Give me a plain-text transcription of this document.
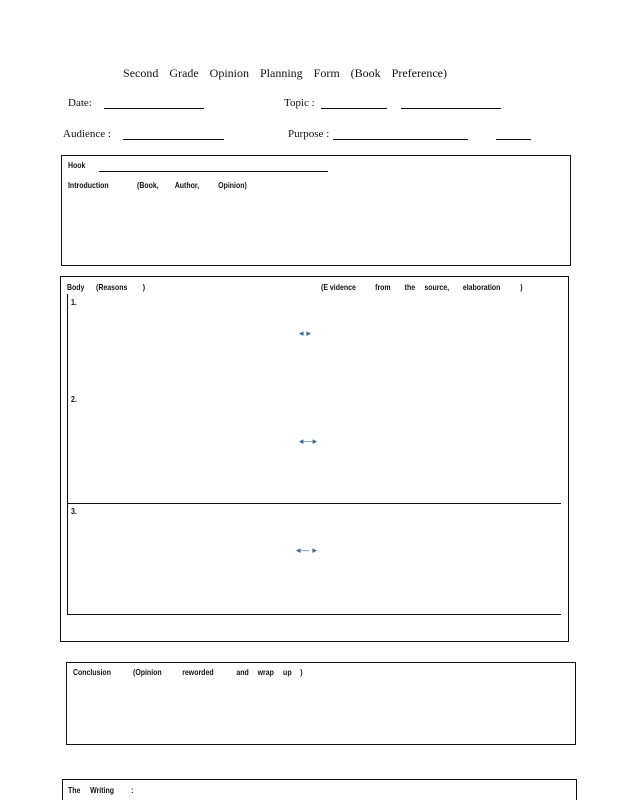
Second Grade Opinion Planning Form (Book Preference)
Date:	Topic :
Audience :	Purpose :
Hook
Introduction	(Book, Author, Opinion)
Body (Reasons )	(E vidence from the source, elaboration )
1.
2.
3.
◂ ▸
◂—▸
◂— ▸
Conclusion	(Opinion reworded	and wrap up )
The Writing :
